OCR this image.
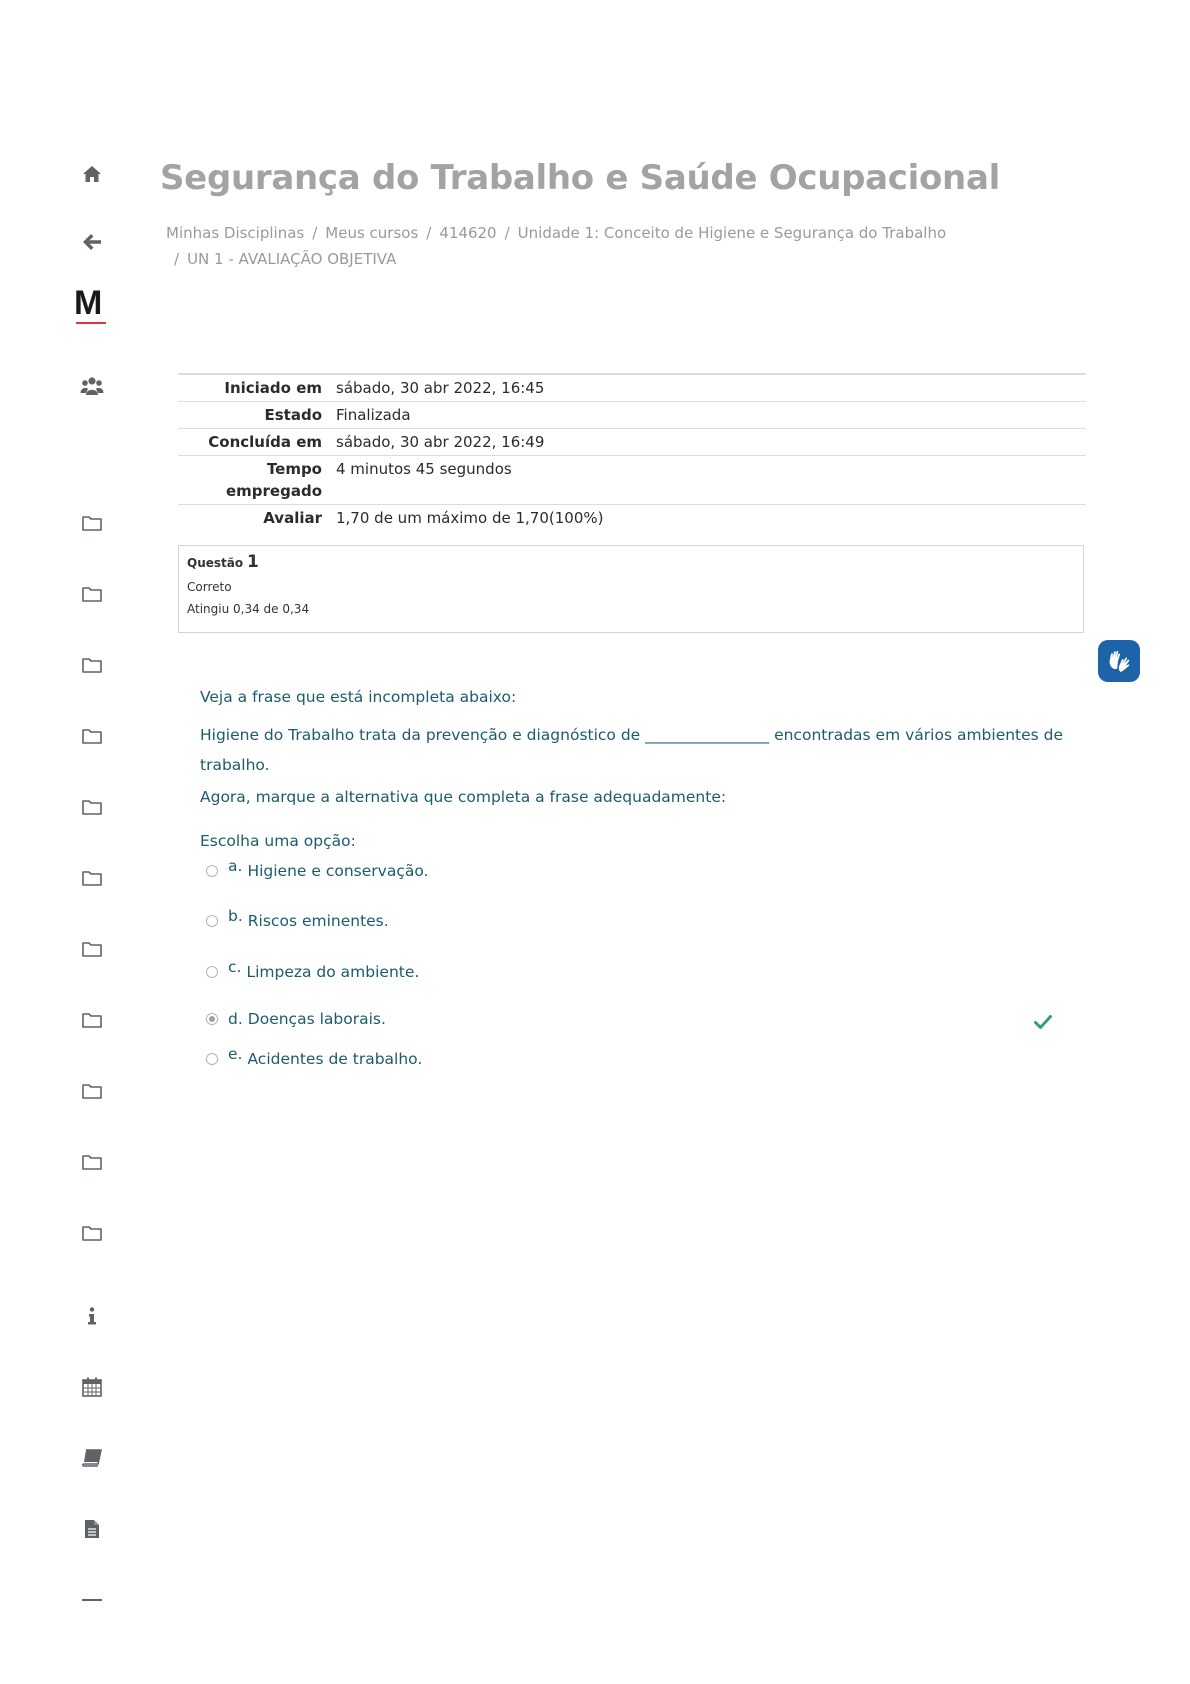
M
Segurança do Trabalho e Saúde Ocupacional
Minhas Disciplinas / Meus cursos / 414620 / Unidade 1: Conceito de Higiene e Segurança do Trabalho
/ UN 1 - AVALIAÇÃO OBJETIVA
Iniciado em	sábado, 30 abr 2022, 16:45
Estado	Finalizada
Concluída em	sábado, 30 abr 2022, 16:49
Tempo
empregado	4 minutos 45 segundos
Avaliar	1,70 de um máximo de 1,70(100%)
Questão 1
Correto
Atingiu 0,34 de 0,34

Veja a frase que está incompleta abaixo:

Higiene do Trabalho trata da prevenção e diagnóstico de ________________ encontradas em vários ambientes de trabalho.

Agora, marque a alternativa que completa a frase adequadamente:

Escolha uma opção:

a. Higiene e conservação.
b. Riscos eminentes.
c. Limpeza do ambiente.
d. Doenças laborais.
e. Acidentes de trabalho.
